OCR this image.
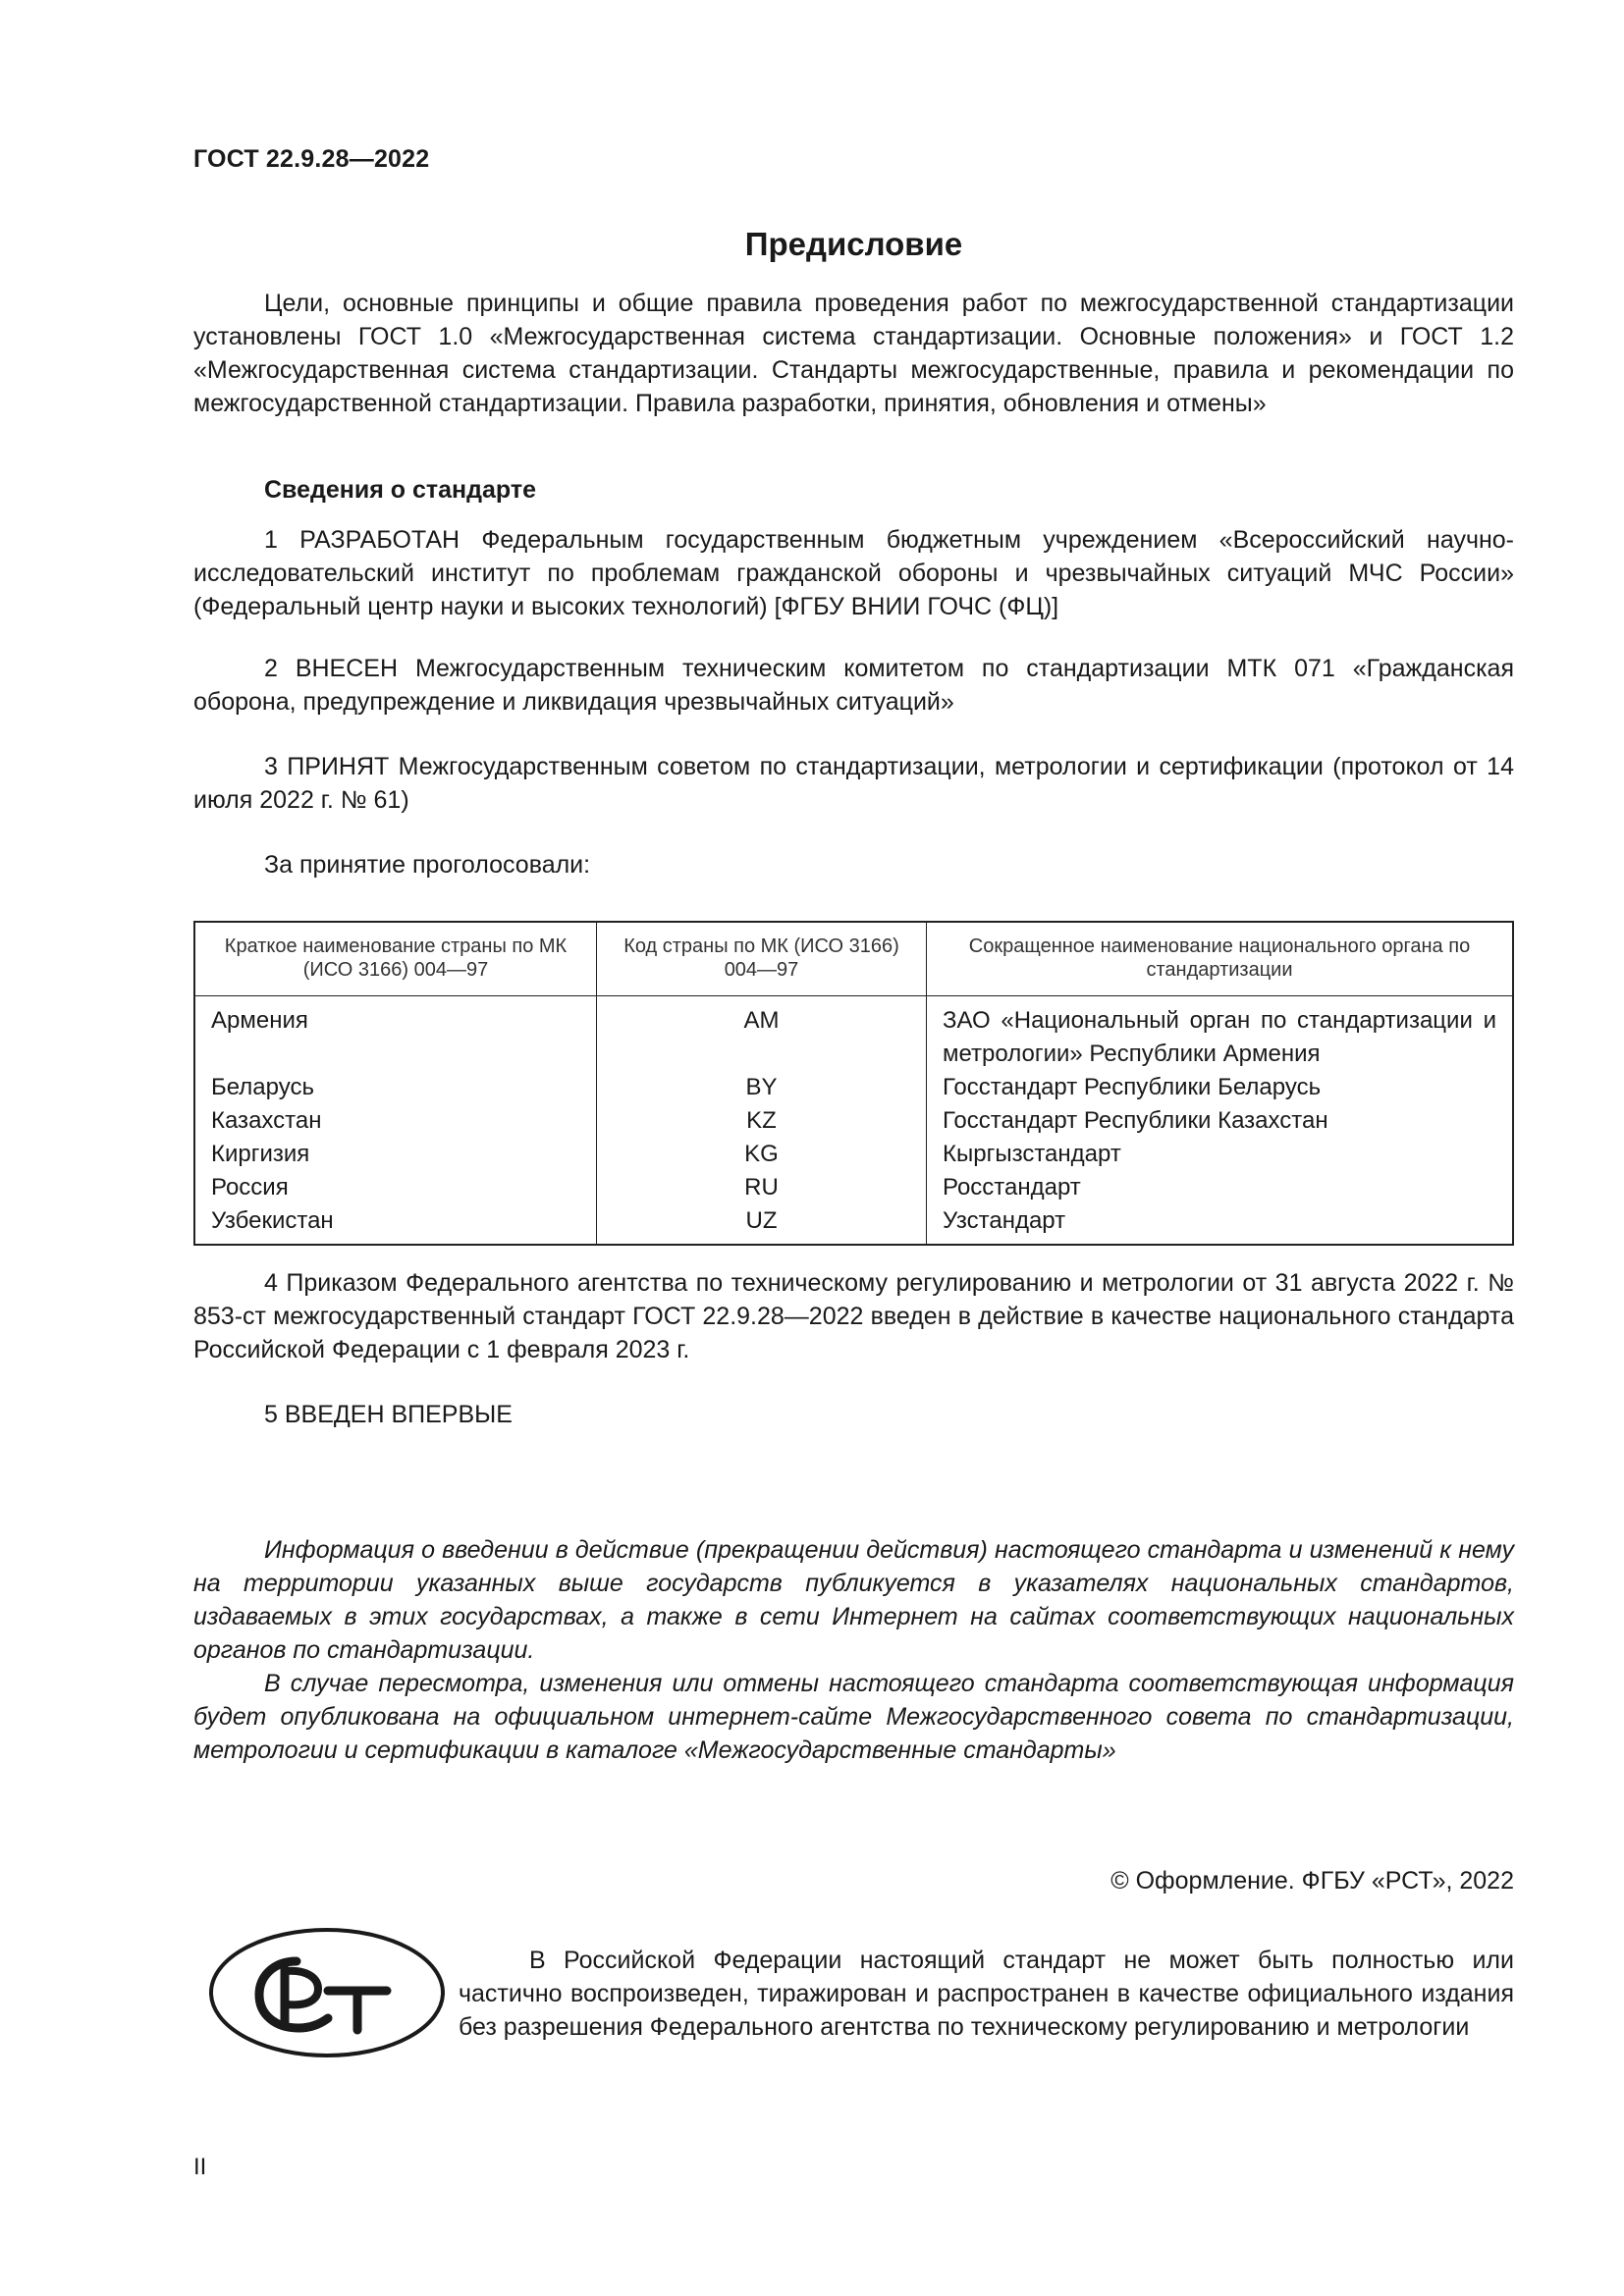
ГОСТ 22.9.28—2022
Предисловие

Цели, основные принципы и общие правила проведения работ по межгосударственной стандартизации установлены ГОСТ 1.0 «Межгосударственная система стандартизации. Основные положения» и ГОСТ 1.2 «Межгосударственная система стандартизации. Стандарты межгосударственные, правила и рекомендации по межгосударственной стандартизации. Правила разработки, принятия, обновления и отмены»

Сведения о стандарте

1 РАЗРАБОТАН Федеральным государственным бюджетным учреждением «Всероссийский научно-исследовательский институт по проблемам гражданской обороны и чрезвычайных ситуаций МЧС России» (Федеральный центр науки и высоких технологий) [ФГБУ ВНИИ ГОЧС (ФЦ)]

2 ВНЕСЕН Межгосударственным техническим комитетом по стандартизации МТК 071 «Гражданская оборона, предупреждение и ликвидация чрезвычайных ситуаций»

3 ПРИНЯТ Межгосударственным советом по стандартизации, метрологии и сертификации (протокол от 14 июля 2022 г. № 61)

За принятие проголосовали:

Краткое наименование страны по МК (ИСО 3166) 004—97	Код страны по МК (ИСО 3166) 004—97	Сокращенное наименование национального органа по стандартизации
Армения	AM	ЗАО «Национальный орган по стандартизации и метрологии» Республики Армения
Беларусь	BY	Госстандарт Республики Беларусь
Казахстан	KZ	Госстандарт Республики Казахстан
Киргизия	KG	Кыргызстандарт
Россия	RU	Росстандарт
Узбекистан	UZ	Узстандарт

4 Приказом Федерального агентства по техническому регулированию и метрологии от 31 августа 2022 г. № 853-ст межгосударственный стандарт ГОСТ 22.9.28—2022 введен в действие в качестве национального стандарта Российской Федерации с 1 февраля 2023 г.

5 ВВЕДЕН ВПЕРВЫЕ

Информация о введении в действие (прекращении действия) настоящего стандарта и изменений к нему на территории указанных выше государств публикуется в указателях национальных стандартов, издаваемых в этих государствах, а также в сети Интернет на сайтах соответствующих национальных органов по стандартизации.

В случае пересмотра, изменения или отмены настоящего стандарта соответствующая информация будет опубликована на официальном интернет-сайте Межгосударственного совета по стандартизации, метрологии и сертификации в каталоге «Межгосударственные стандарты»

© Оформление. ФГБУ «РСТ», 2022

В Российской Федерации настоящий стандарт не может быть полностью или частично воспроизведен, тиражирован и распространен в качестве официального издания без разрешения Федерального агентства по техническому регулированию и метрологии

II
